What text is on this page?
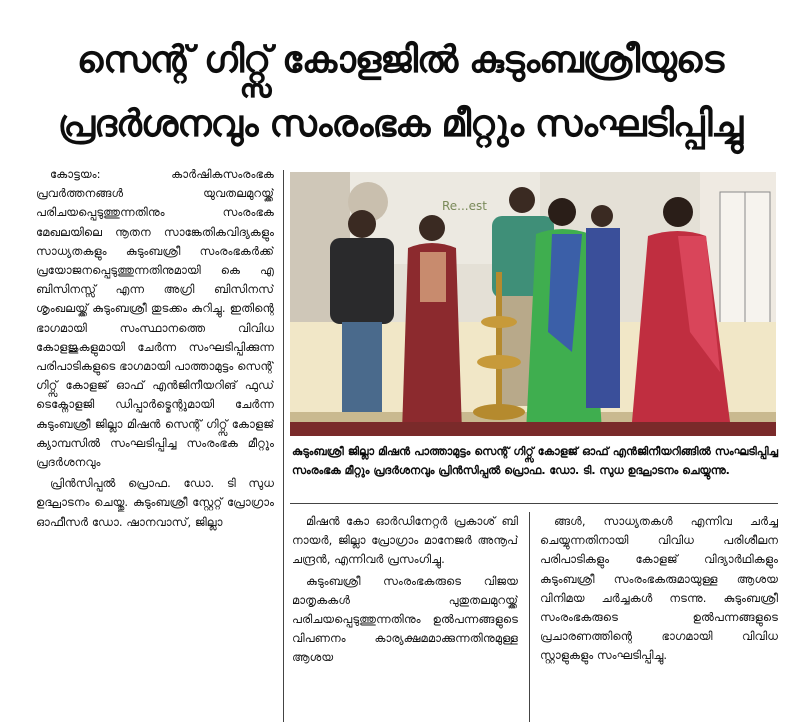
സെന്റ് ഗിറ്റ്സ് കോളജിൽ കുടുംബശ്രീയുടെ
പ്രദർശനവും സംരംഭക മീറ്റും സംഘടിപ്പിച്ചു

കോട്ടയം: കാർഷികസംരംഭക പ്രവർത്തനങ്ങൾ യുവതലമുറയ്ക്ക് പരിചയപ്പെടുത്തുന്നതിനും സംരംഭക മേഖലയിലെ നൂതന സാങ്കേതികവിദ്യകളും സാധ്യതകളും കുടുംബശ്രീ സംരംഭകർക്ക് പ്രയോജനപ്പെടുത്തുന്നതിനുമായി കെ എ ബിസിനസ്സ് എന്ന അഗ്രി ബിസിനസ് ശൃംഖലയ്ക്ക് കുടുംബശ്രീ തുടക്കം കുറിച്ചു. ഇതിന്റെ ഭാഗമായി സംസ്ഥാനത്തെ വിവിധ കോളജുകളുമായി ചേർന്ന സംഘടിപ്പിക്കുന്ന പരിപാടികളുടെ ഭാഗമായി പാത്താമുട്ടം സെന്റ് ഗിറ്റ്സ് കോളജ് ഓഫ് എൻജിനീയറിങ് ഫുഡ് ടെക്നോളജി ഡിപ്പാർട്മെന്റുമായി ചേർന്ന കുടുംബശ്രീ ജില്ലാ മിഷൻ സെന്റ് ഗിറ്റ്സ് കോളജ് ക്യാമ്പസിൽ സംഘടിപ്പിച്ച സംരംഭക മീറ്റും പ്രദർശനവും

പ്രിൻസിപ്പൽ പ്രൊഫ. ഡോ. ടി സുധ ഉദ്ഘാടനം ചെയ്തു. കുടുംബശ്രീ സ്റ്റേറ്റ് പ്രോഗ്രാം ഓഫീസർ ഡോ. ഷാനവാസ്, ജില്ലാ

Re...est
കുടുംബശ്രീ ജില്ലാ മിഷൻ പാത്താമുട്ടം സെന്റ് ഗിറ്റ്സ് കോളജ് ഓഫ് എൻജിനീയറിങ്ങിൽ സംഘടിപ്പിച്ച സംരംഭക മീറ്റും പ്രദർശനവും പ്രിൻസിപ്പൽ പ്രൊഫ. ഡോ. ടി. സുധ ഉദ്ഘാടനം ചെയ്യുന്നു.

മിഷൻ കോ ഓർഡിനേറ്റർ പ്രകാശ് ബി നായർ, ജില്ലാ പ്രോഗ്രാം മാനേജർ അനൂപ് ചന്ദ്രൻ, എന്നിവർ പ്രസംഗിച്ചു.

കുടുംബശ്രീ സംരംഭകരുടെ വിജയ മാതൃകകൾ പുതുതലമുറയ്ക്ക് പരിചയപ്പെടുത്തുന്നതിനും ഉൽപന്നങ്ങളുടെ വിപണനം കാര്യക്ഷമമാക്കുന്നതിനുമുള്ള ആശയ

ങ്ങൾ, സാധ്യതകൾ എന്നിവ ചർച്ച ചെയ്യുന്നതിനായി വിവിധ പരിശീലന പരിപാടികളും കോളജ് വിദ്യാർഥികളും കുടുംബശ്രീ സംരംഭകരുമായുള്ള ആശയ വിനിമയ ചർച്ചകൾ നടന്നു. കുടുംബശ്രീ സംരംഭകരുടെ ഉൽപന്നങ്ങളുടെ പ്രചാരണത്തിന്റെ ഭാഗമായി വിവിധ സ്റ്റാളുകളും സംഘടിപ്പിച്ചു.
